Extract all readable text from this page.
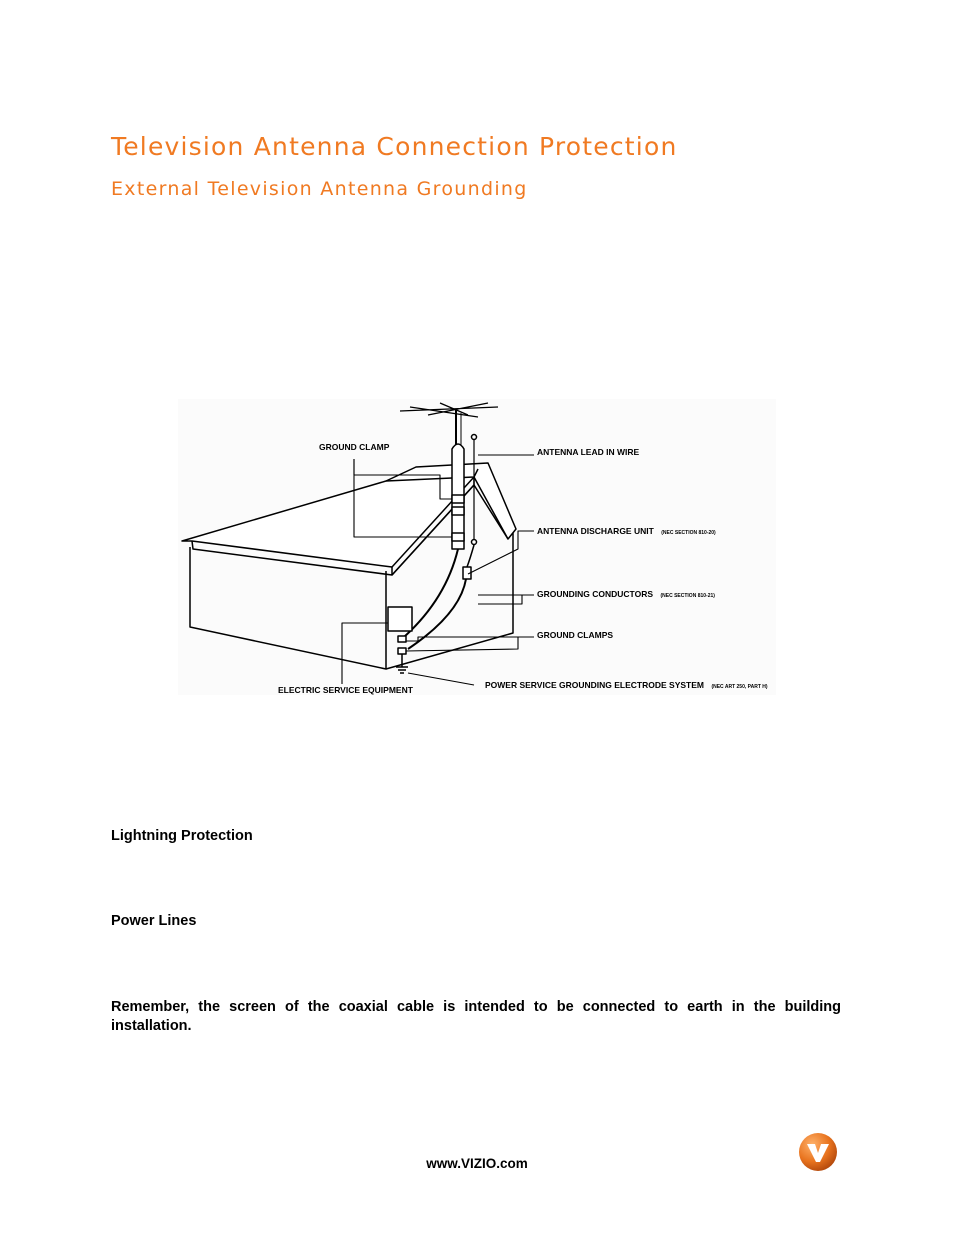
Television Antenna Connection Protection
External Television Antenna Grounding
GROUND CLAMP	ANTENNA LEAD IN WIRE
ANTENNA DISCHARGE UNIT (NEC SECTION 810-20)
GROUNDING CONDUCTORS (NEC SECTION 810-21)
GROUND CLAMPS
ELECTRIC SERVICE EQUIPMENT	POWER SERVICE GROUNDING ELECTRODE SYSTEM (NEC ART 250, PART H)

Lightning Protection

Power Lines

Remember, the screen of the coaxial cable is intended to be connected to earth in the building installation.

www.VIZIO.com
